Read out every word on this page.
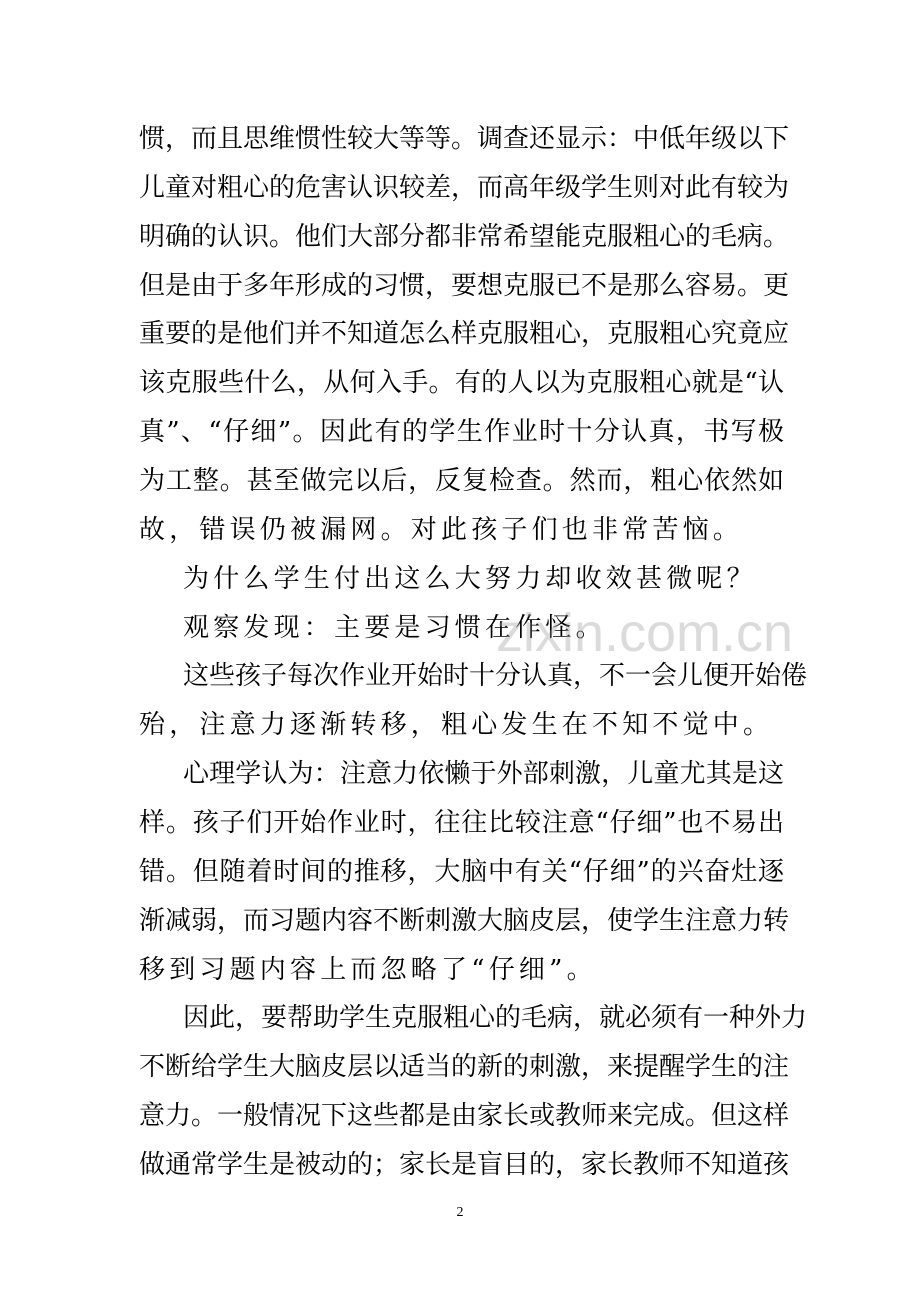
惯，而且思维惯性较大等等。调查还显示：中低年级以下
儿童对粗心的危害认识较差，而高年级学生则对此有较为
明确的认识。他们大部分都非常希望能克服粗心的毛病。
但是由于多年形成的习惯，要想克服已不是那么容易。更
重要的是他们并不知道怎么样克服粗心，克服粗心究竟应
该克服些什么，从何入手。有的人以为克服粗心就是“认
真”、“仔细”。因此有的学生作业时十分认真，书写极
为工整。甚至做完以后，反复检查。然而，粗心依然如
故，错误仍被漏网。对此孩子们也非常苦恼。
为什么学生付出这么大努力却收效甚微呢？
观察发现：主要是习惯在作怪。
这些孩子每次作业开始时十分认真，不一会儿便开始倦
殆，注意力逐渐转移，粗心发生在不知不觉中。
心理学认为：注意力依懒于外部刺激，儿童尤其是这
样。孩子们开始作业时，往往比较注意“仔细”也不易出
错。但随着时间的推移，大脑中有关“仔细”的兴奋灶逐
渐减弱，而习题内容不断刺激大脑皮层，使学生注意力转
移到习题内容上而忽略了“仔细”。
因此，要帮助学生克服粗心的毛病，就必须有一种外力
不断给学生大脑皮层以适当的新的刺激，来提醒学生的注
意力。一般情况下这些都是由家长或教师来完成。但这样
做通常学生是被动的；家长是盲目的，家长教师不知道孩
zixin.com.cn
2
